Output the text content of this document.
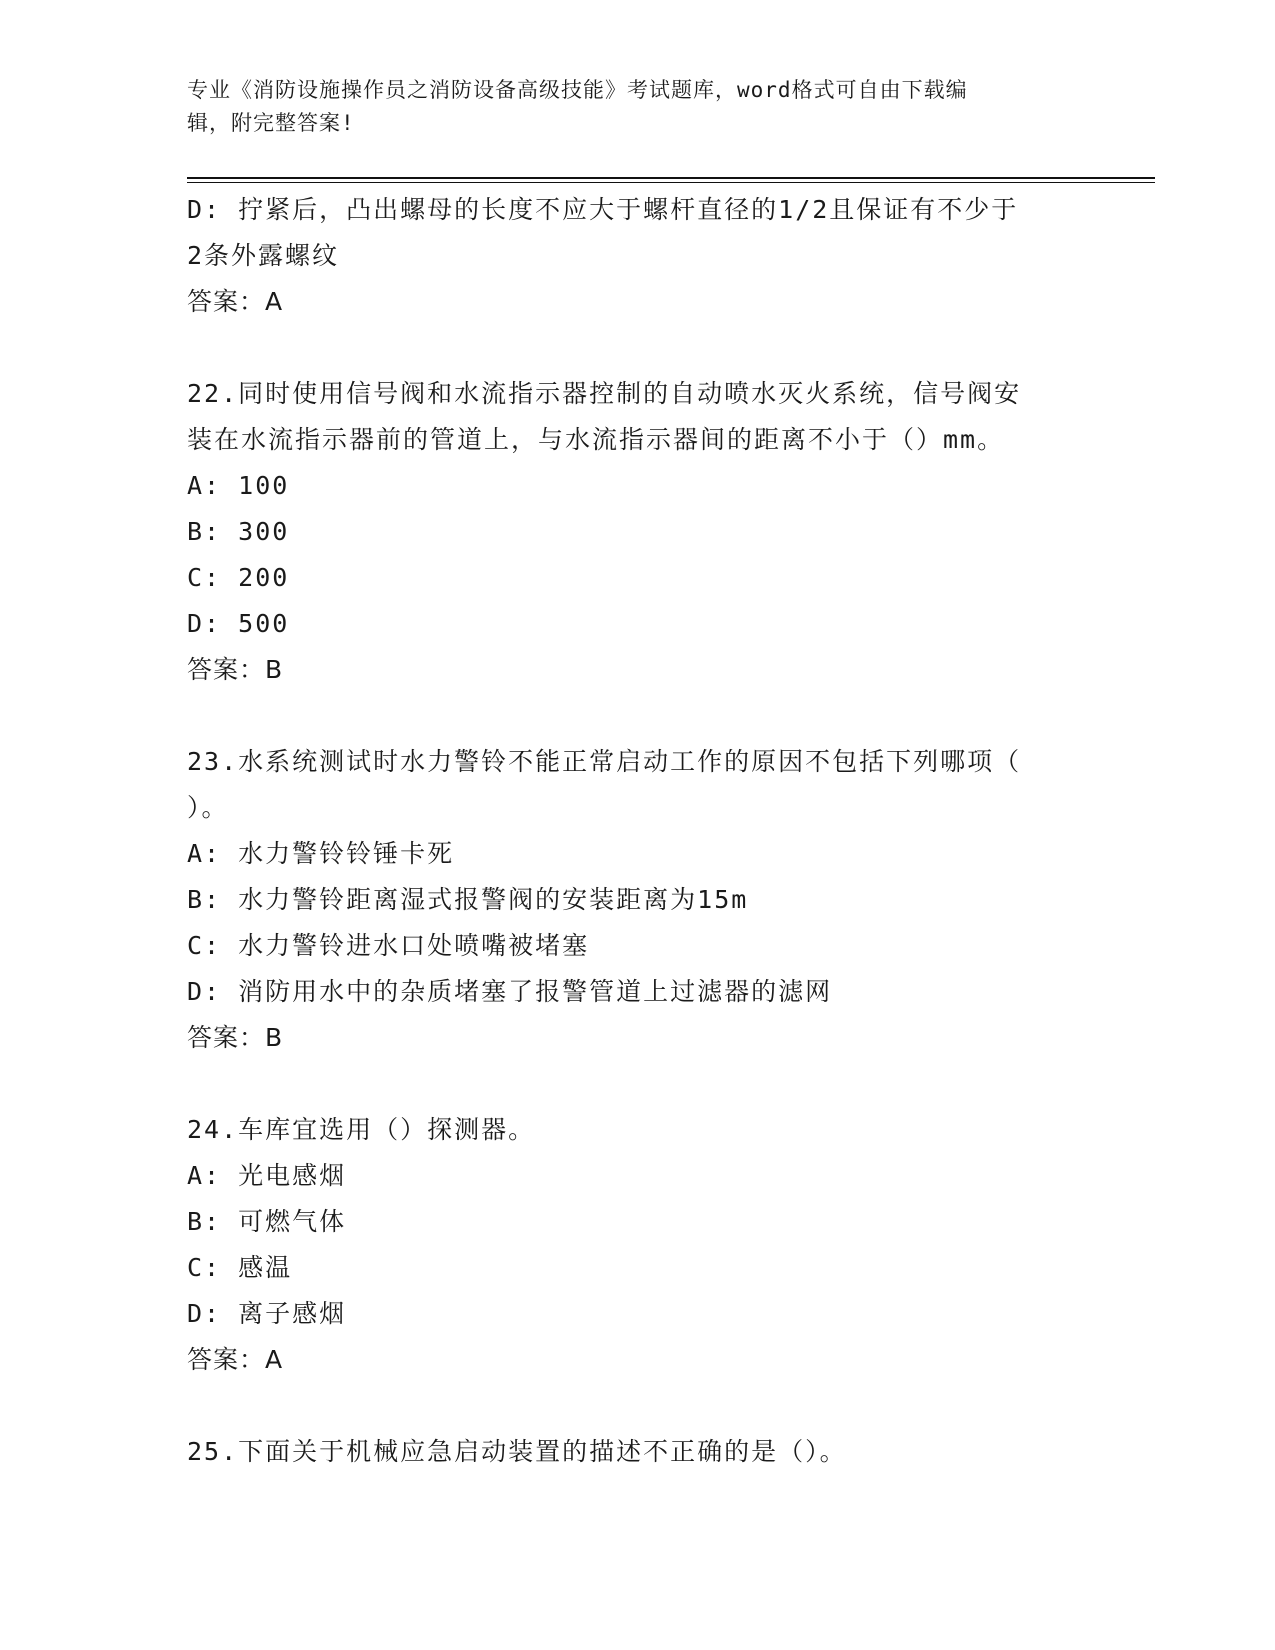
专业《消防设施操作员之消防设备高级技能》考试题库，word格式可自由下载编
辑，附完整答案!
D: 拧紧后，凸出螺母的长度不应大于螺杆直径的1/2且保证有不少于
2条外露螺纹
答案：A
22.同时使用信号阀和水流指示器控制的自动喷水灭火系统，信号阀安
装在水流指示器前的管道上，与水流指示器间的距离不小于（）mm。
A: 100
B: 300
C: 200
D: 500
答案：B
23.水系统测试时水力警铃不能正常启动工作的原因不包括下列哪项（
）。
A: 水力警铃铃锤卡死
B: 水力警铃距离湿式报警阀的安装距离为15m
C: 水力警铃进水口处喷嘴被堵塞
D: 消防用水中的杂质堵塞了报警管道上过滤器的滤网
答案：B
24.车库宜选用（）探测器。
A: 光电感烟
B: 可燃气体
C: 感温
D: 离子感烟
答案：A
25.下面关于机械应急启动装置的描述不正确的是（）。
